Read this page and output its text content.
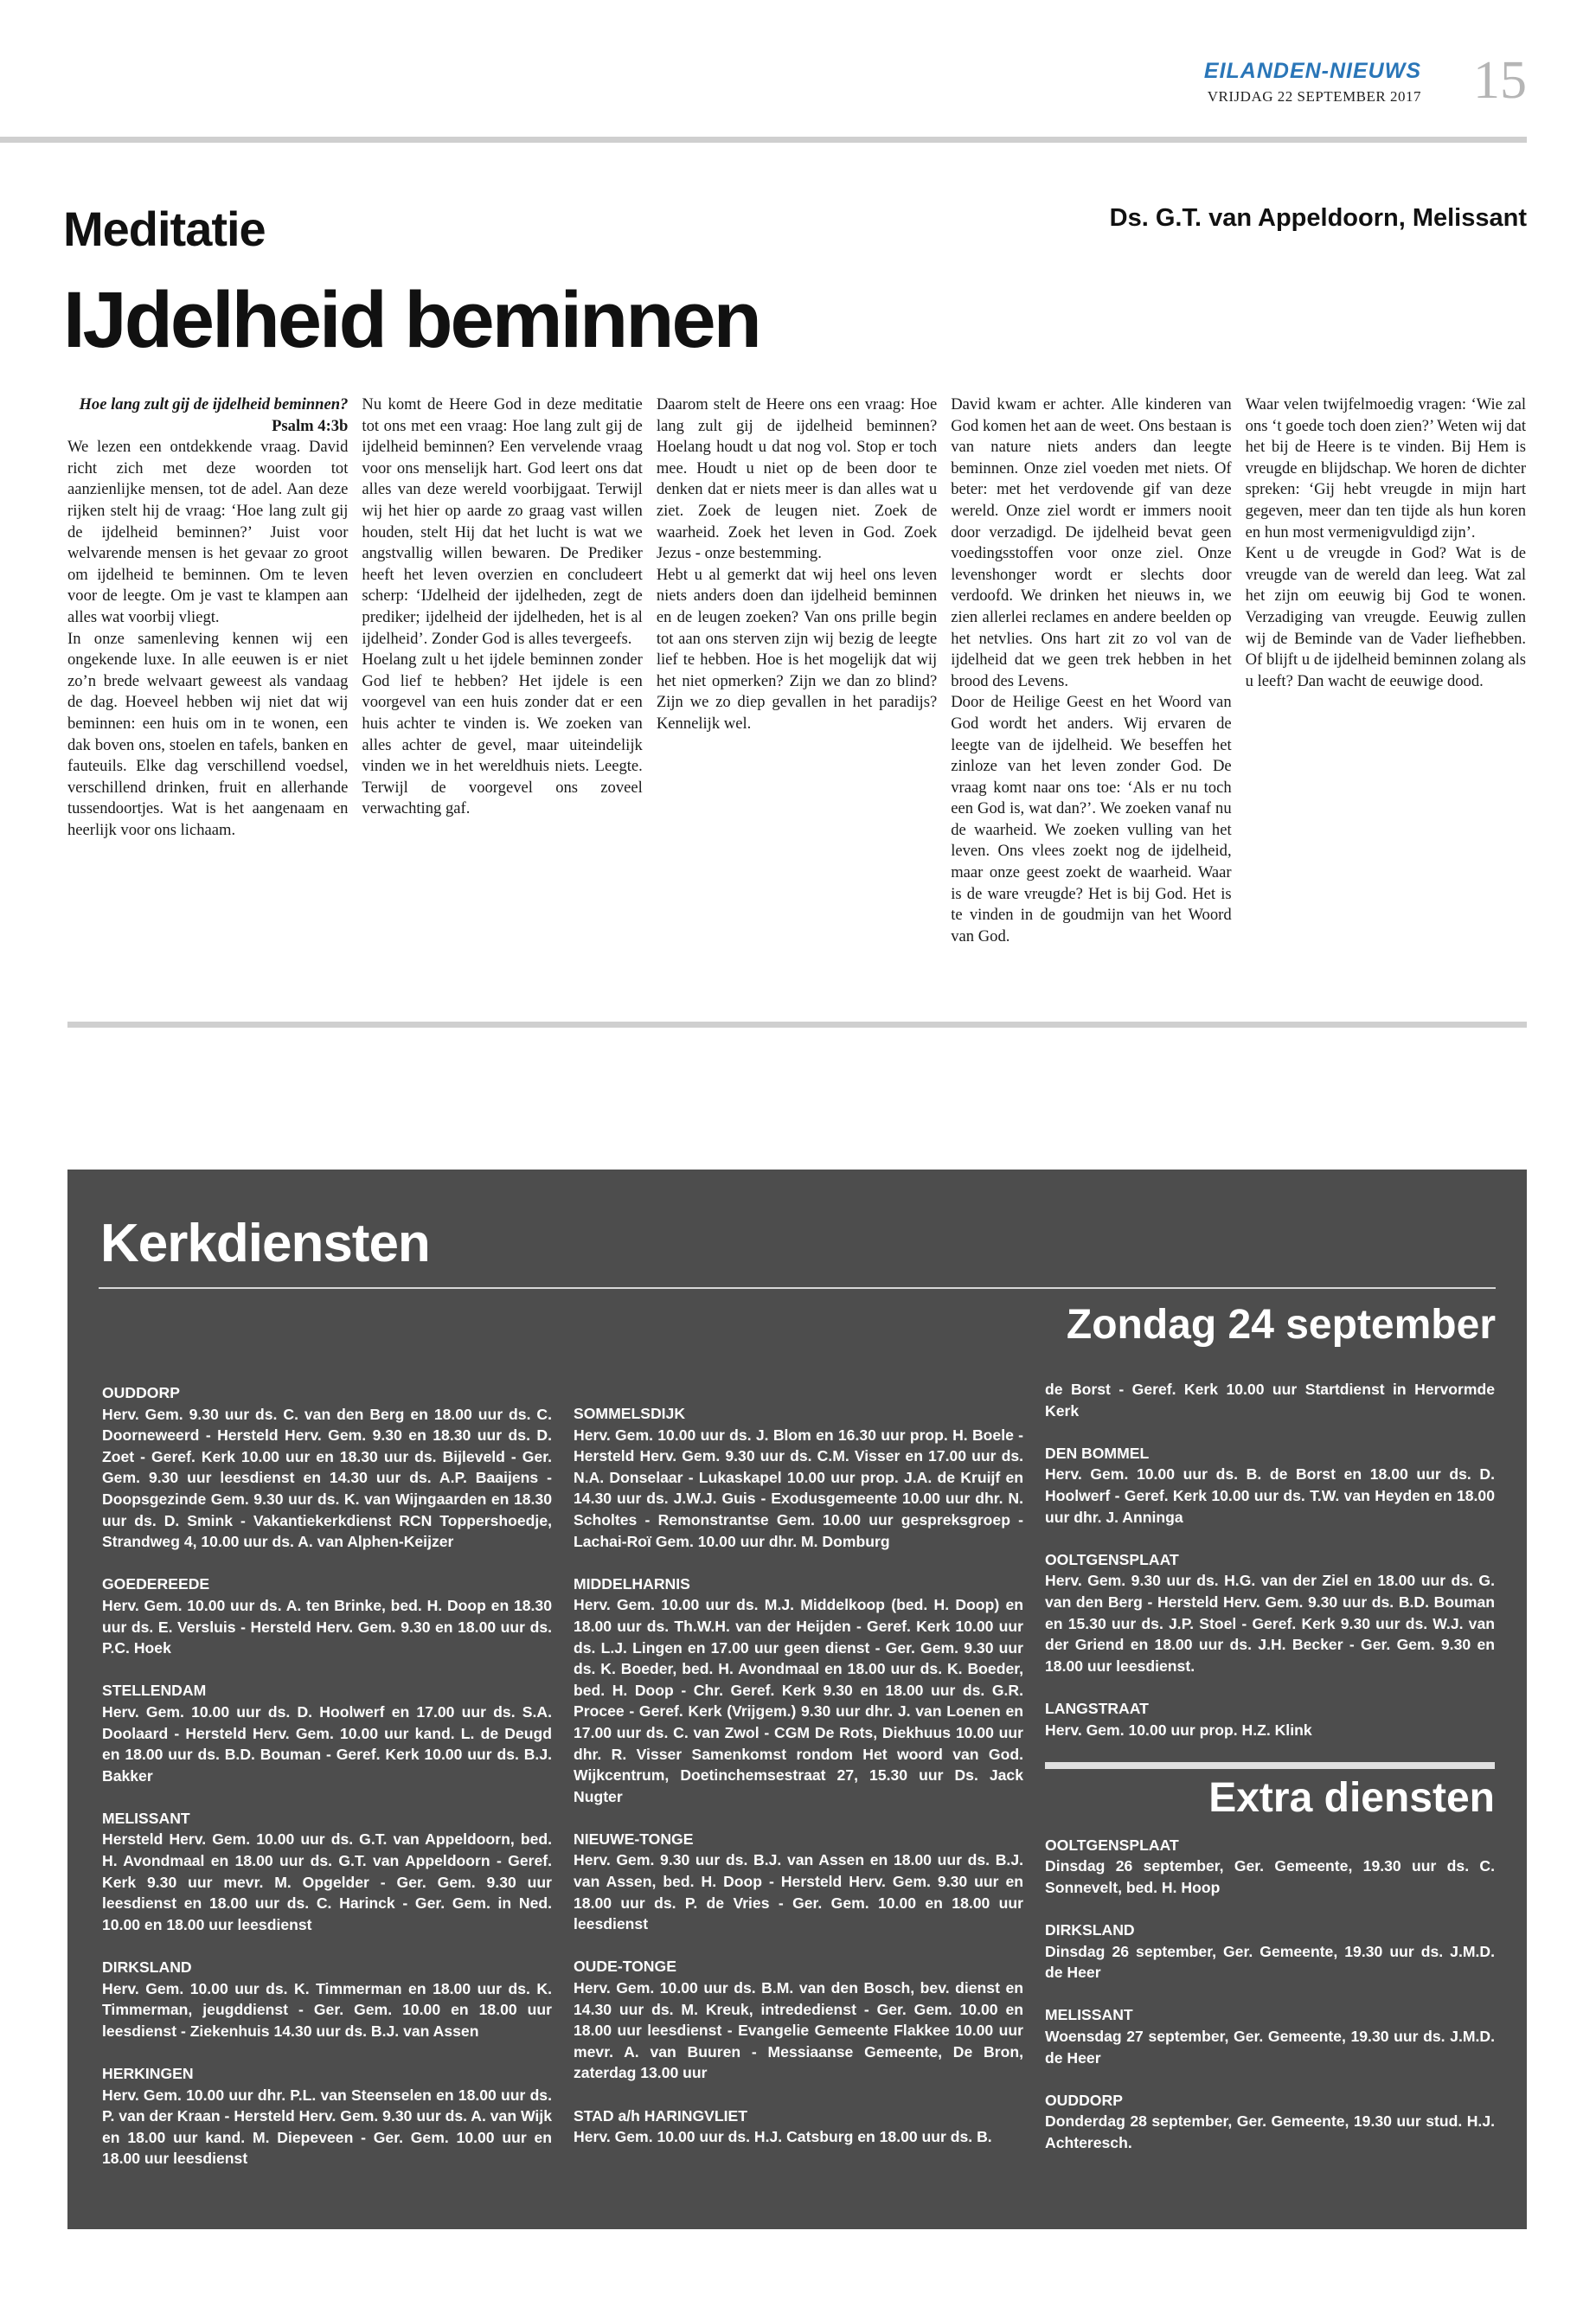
EILANDEN-NIEUWS
VRIJDAG 22 SEPTEMBER 2017 15
Meditatie	Ds. G.T. van Appeldoorn, Melissant
IJdelheid beminnen

Hoe lang zult gij de ijdelheid beminnen?
Psalm 4:3b

We lezen een ontdekkende vraag. David richt zich met deze woorden tot aanzienlijke mensen, tot de adel. Aan deze rijken stelt hij de vraag: ‘Hoe lang zult gij de ijdelheid beminnen?’ Juist voor welvarende mensen is het gevaar zo groot om ijdelheid te beminnen. Om te leven voor de leegte. Om je vast te klampen aan alles wat voorbij vliegt.

In onze samenleving kennen wij een ongekende luxe. In alle eeuwen is er niet zo’n brede welvaart geweest als vandaag de dag. Hoeveel hebben wij niet dat wij beminnen: een huis om in te wonen, een dak boven ons, stoelen en tafels, banken en fauteuils. Elke dag verschillend voedsel, verschillend drinken, fruit en allerhande tussendoortjes. Wat is het aangenaam en heerlijk voor ons lichaam.

Nu komt de Heere God in deze meditatie tot ons met een vraag: Hoe lang zult gij de ijdelheid beminnen? Een vervelende vraag voor ons menselijk hart. God leert ons dat alles van deze wereld voorbijgaat. Terwijl wij het hier op aarde zo graag vast willen houden, stelt Hij dat het lucht is wat we angstvallig willen bewaren. De Prediker heeft het leven overzien en concludeert scherp: ‘IJdelheid der ijdelheden, zegt de prediker; ijdelheid der ijdelheden, het is al ijdelheid’. Zonder God is alles tevergeefs.

Hoelang zult u het ijdele beminnen zonder God lief te hebben? Het ijdele is een voorgevel van een huis zonder dat er een huis achter te vinden is. We zoeken van alles achter de gevel, maar uiteindelijk vinden we in het wereldhuis niets. Leegte. Terwijl de voorgevel ons zoveel verwachting gaf.

Daarom stelt de Heere ons een vraag: Hoe lang zult gij de ijdelheid beminnen? Hoelang houdt u dat nog vol. Stop er toch mee. Houdt u niet op de been door te denken dat er niets meer is dan alles wat u ziet. Zoek de leugen niet. Zoek de waarheid. Zoek het leven in God. Zoek Jezus - onze bestemming.

Hebt u al gemerkt dat wij heel ons leven niets anders doen dan ijdelheid beminnen en de leugen zoeken? Van ons prille begin tot aan ons sterven zijn wij bezig de leegte lief te hebben. Hoe is het mogelijk dat wij het niet opmerken? Zijn we dan zo blind? Zijn we zo diep gevallen in het paradijs? Kennelijk wel.

David kwam er achter. Alle kinderen van God komen het aan de weet. Ons bestaan is van nature niets anders dan leegte beminnen. Onze ziel voeden met niets. Of beter: met het verdovende gif van deze wereld. Onze ziel wordt er immers nooit door verzadigd. De ijdelheid bevat geen voedingsstoffen voor onze ziel. Onze levenshonger wordt er slechts door verdoofd. We drinken het nieuws in, we zien allerlei reclames en andere beelden op het netvlies. Ons hart zit zo vol van de ijdelheid dat we geen trek hebben in het brood des Levens.

Door de Heilige Geest en het Woord van God wordt het anders. Wij ervaren de leegte van de ijdelheid. We beseffen het zinloze van het leven zonder God. De vraag komt naar ons toe: ‘Als er nu toch een God is, wat dan?’. We zoeken vanaf nu de waarheid. We zoeken vulling van het leven. Ons vlees zoekt nog de ijdelheid, maar onze geest zoekt de waarheid. Waar is de ware vreugde? Het is bij God. Het is te vinden in de goudmijn van het Woord van God.

Waar velen twijfelmoedig vragen: ‘Wie zal ons ‘t goede toch doen zien?’ Weten wij dat het bij de Heere is te vinden. Bij Hem is vreugde en blijdschap. We horen de dichter spreken: ‘Gij hebt vreugde in mijn hart gegeven, meer dan ten tijde als hun koren en hun most vermenigvuldigd zijn’.

Kent u de vreugde in God? Wat is de vreugde van de wereld dan leeg. Wat zal het zijn om eeuwig bij God te wonen. Verzadiging van vreugde. Eeuwig zullen wij de Beminde van de Vader liefhebben. Of blijft u de ijdelheid beminnen zolang als u leeft? Dan wacht de eeuwige dood.

Kerkdiensten
Zondag 24 september
OUDDORP
Herv. Gem. 9.30 uur ds. C. van den Berg en 18.00 uur ds. C. Doorneweerd - Hersteld Herv. Gem. 9.30 en 18.30 uur ds. D. Zoet - Geref. Kerk 10.00 uur en 18.30 uur ds. Bijleveld - Ger. Gem. 9.30 uur leesdienst en 14.30 uur ds. A.P. Baaijens - Doopsgezinde Gem. 9.30 uur ds. K. van Wijngaarden en 18.30 uur ds. D. Smink - Vakantiekerkdienst RCN Toppershoedje, Strandweg 4, 10.00 uur ds. A. van Alphen-Keijzer
GOEDEREEDE
Herv. Gem. 10.00 uur ds. A. ten Brinke, bed. H. Doop en 18.30 uur ds. E. Versluis - Hersteld Herv. Gem. 9.30 en 18.00 uur ds. P.C. Hoek
STELLENDAM
Herv. Gem. 10.00 uur ds. D. Hoolwerf en 17.00 uur ds. S.A. Doolaard - Hersteld Herv. Gem. 10.00 uur kand. L. de Deugd en 18.00 uur ds. B.D. Bouman - Geref. Kerk 10.00 uur ds. B.J. Bakker
MELISSANT
Hersteld Herv. Gem. 10.00 uur ds. G.T. van Appeldoorn, bed. H. Avondmaal en 18.00 uur ds. G.T. van Appeldoorn - Geref. Kerk 9.30 uur mevr. M. Opgelder - Ger. Gem. 9.30 uur leesdienst en 18.00 uur ds. C. Harinck - Ger. Gem. in Ned. 10.00 en 18.00 uur leesdienst
DIRKSLAND
Herv. Gem. 10.00 uur ds. K. Timmerman en 18.00 uur ds. K. Timmerman, jeugddienst - Ger. Gem. 10.00 en 18.00 uur leesdienst - Ziekenhuis 14.30 uur ds. B.J. van Assen
HERKINGEN
Herv. Gem. 10.00 uur dhr. P.L. van Steenselen en 18.00 uur ds. P. van der Kraan - Hersteld Herv. Gem. 9.30 uur ds. A. van Wijk en 18.00 uur kand. M. Diepeveen - Ger. Gem. 10.00 uur en 18.00 uur leesdienst
SOMMELSDIJK
Herv. Gem. 10.00 uur ds. J. Blom en 16.30 uur prop. H. Boele - Hersteld Herv. Gem. 9.30 uur ds. C.M. Visser en 17.00 uur ds. N.A. Donselaar - Lukaskapel 10.00 uur prop. J.A. de Kruijf en 14.30 uur ds. J.W.J. Guis - Exodusgemeente 10.00 uur dhr. N. Scholtes - Remonstrantse Gem. 10.00 uur gespreksgroep - Lachai-Roï Gem. 10.00 uur dhr. M. Domburg
MIDDELHARNIS
Herv. Gem. 10.00 uur ds. M.J. Middelkoop (bed. H. Doop) en 18.00 uur ds. Th.W.H. van der Heijden - Geref. Kerk 10.00 uur ds. L.J. Lingen en 17.00 uur geen dienst - Ger. Gem. 9.30 uur ds. K. Boeder, bed. H. Avondmaal en 18.00 uur ds. K. Boeder, bed. H. Doop - Chr. Geref. Kerk 9.30 en 18.00 uur ds. G.R. Procee - Geref. Kerk (Vrijgem.) 9.30 uur dhr. J. van Loenen en 17.00 uur ds. C. van Zwol - CGM De Rots, Diekhuus 10.00 uur dhr. R. Visser Samenkomst rondom Het woord van God. Wijkcentrum, Doetinchemsestraat 27, 15.30 uur Ds. Jack Nugter
NIEUWE-TONGE
Herv. Gem. 9.30 uur ds. B.J. van Assen en 18.00 uur ds. B.J. van Assen, bed. H. Doop - Hersteld Herv. Gem. 9.30 uur en 18.00 uur ds. P. de Vries - Ger. Gem. 10.00 en 18.00 uur leesdienst
OUDE-TONGE
Herv. Gem. 10.00 uur ds. B.M. van den Bosch, bev. dienst en 14.30 uur ds. M. Kreuk, intrededienst - Ger. Gem. 10.00 en 18.00 uur leesdienst - Evangelie Gemeente Flakkee 10.00 uur mevr. A. van Buuren - Messiaanse Gemeente, De Bron, zaterdag 13.00 uur
STAD a/h HARINGVLIET
Herv. Gem. 10.00 uur ds. H.J. Catsburg en 18.00 uur ds. B.
de Borst - Geref. Kerk 10.00 uur Startdienst in Hervormde Kerk
DEN BOMMEL
Herv. Gem. 10.00 uur ds. B. de Borst en 18.00 uur ds. D. Hoolwerf - Geref. Kerk 10.00 uur ds. T.W. van Heyden en 18.00 uur dhr. J. Anninga
OOLTGENSPLAAT
Herv. Gem. 9.30 uur ds. H.G. van der Ziel en 18.00 uur ds. G. van den Berg - Hersteld Herv. Gem. 9.30 uur ds. B.D. Bouman en 15.30 uur ds. J.P. Stoel - Geref. Kerk 9.30 uur ds. W.J. van der Griend en 18.00 uur ds. J.H. Becker - Ger. Gem. 9.30 en 18.00 uur leesdienst.
LANGSTRAAT
Herv. Gem. 10.00 uur prop. H.Z. Klink
Extra diensten
OOLTGENSPLAAT
Dinsdag 26 september, Ger. Gemeente, 19.30 uur ds. C. Sonnevelt, bed. H. Hoop
DIRKSLAND
Dinsdag 26 september, Ger. Gemeente, 19.30 uur ds. J.M.D. de Heer
MELISSANT
Woensdag 27 september, Ger. Gemeente, 19.30 uur ds. J.M.D. de Heer
OUDDORP
Donderdag 28 september, Ger. Gemeente, 19.30 uur stud. H.J. Achteresch.
